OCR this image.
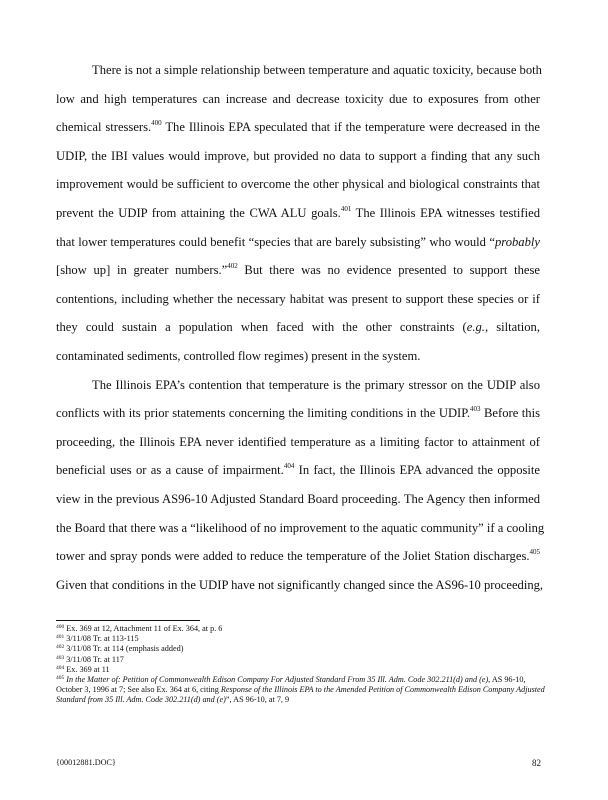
There is not a simple relationship between temperature and aquatic toxicity, because both
low and high temperatures can increase and decrease toxicity due to exposures from other
chemical stressers.$^{400}$ The Illinois EPA speculated that if the temperature were decreased in the
UDIP, the IBI values would improve, but provided no data to support a finding that any such
improvement would be sufficient to overcome the other physical and biological constraints that
prevent the UDIP from attaining the CWA ALU goals.$^{401}$ The Illinois EPA witnesses testified
that lower temperatures could benefit “species that are barely subsisting” who would “probably
[show up] in greater numbers.”$^{402}$ But there was no evidence presented to support these
contentions, including whether the necessary habitat was present to support these species or if
they could sustain a population when faced with the other constraints (e.g., siltation,
contaminated sediments, controlled flow regimes) present in the system.
The Illinois EPA’s contention that temperature is the primary stressor on the UDIP also
conflicts with its prior statements concerning the limiting conditions in the UDIP.$^{403}$ Before this
proceeding, the Illinois EPA never identified temperature as a limiting factor to attainment of
beneficial uses or as a cause of impairment.$^{404}$ In fact, the Illinois EPA advanced the opposite
view in the previous AS96-10 Adjusted Standard Board proceeding. The Agency then informed
the Board that there was a “likelihood of no improvement to the aquatic community” if a cooling
tower and spray ponds were added to reduce the temperature of the Joliet Station discharges.$^{405}$
Given that conditions in the UDIP have not significantly changed since the AS96-10 proceeding,
$^{400}$ Ex. 369 at 12, Attachment 11 of Ex. 364, at p. 6
$^{401}$ 3/11/08 Tr. at 113-115
$^{402}$ 3/11/08 Tr. at 114 (emphasis added)
$^{403}$ 3/11/08 Tr. at 117
$^{404}$ Ex. 369 at 11
$^{405}$ In the Matter of: Petition of Commonwealth Edison Company For Adjusted Standard From 35 Ill. Adm. Code 302.211(d) and (e), AS 96-10, October 3, 1996 at 7; See also Ex. 364 at 6, citing Response of the Illinois EPA to the Amended Petition of Commonwealth Edison Company Adjusted Standard from 35 Ill. Adm. Code 302.211(d) and (e)”, AS 96-10, at 7, 9
{00012881.DOC}	82
